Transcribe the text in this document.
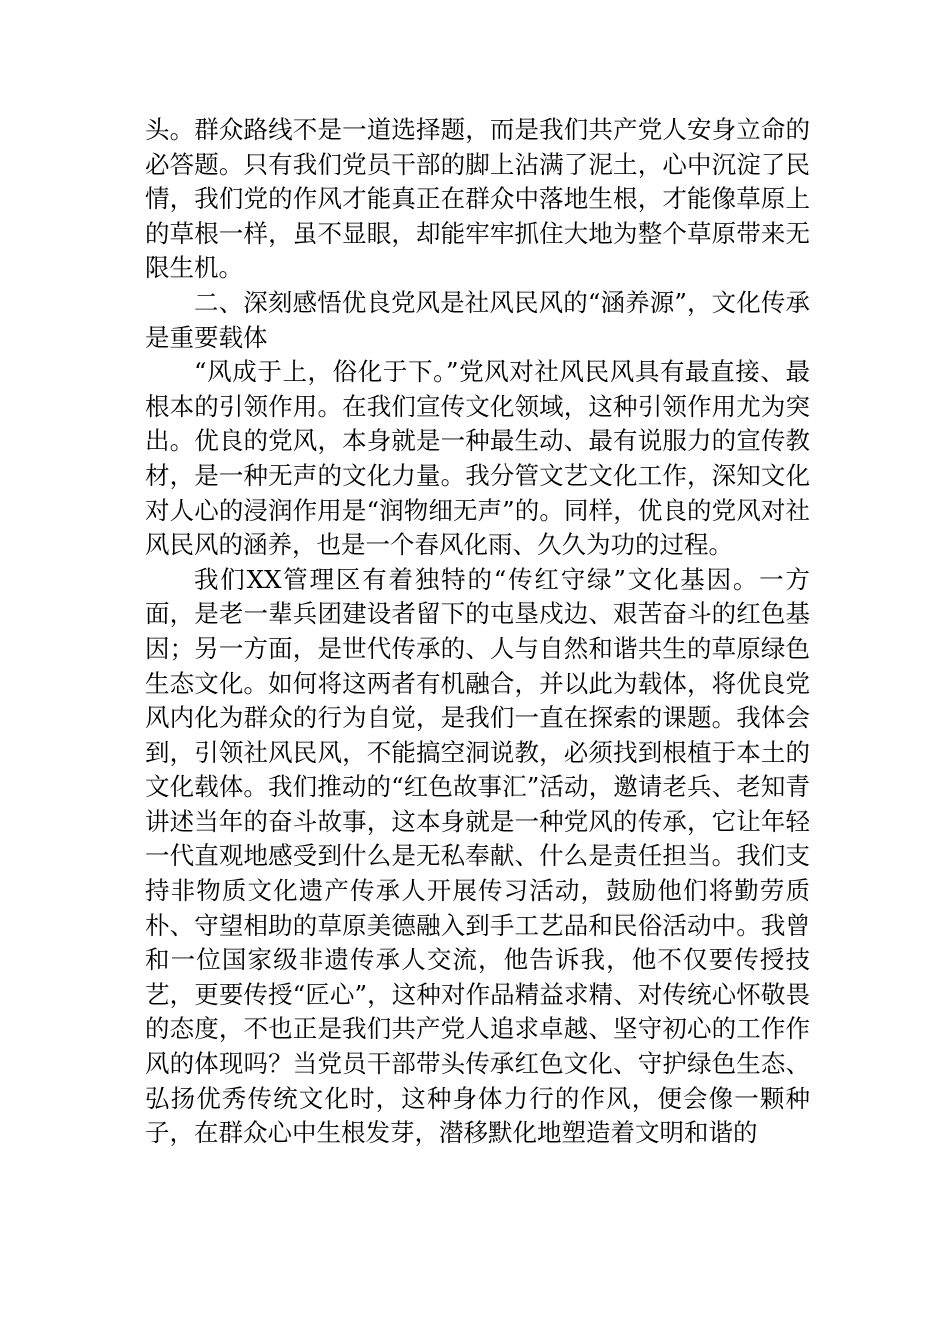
头。群众路线不是一道选择题，而是我们共产党人安身立命的必答题。只有我们党员干部的脚上沾满了泥土，心中沉淀了民情，我们党的作风才能真正在群众中落地生根，才能像草原上的草根一样，虽不显眼，却能牢牢抓住大地为整个草原带来无限生机。

二、深刻感悟优良党风是社风民风的“涵养源”，文化传承是重要载体

“风成于上，俗化于下。”党风对社风民风具有最直接、最根本的引领作用。在我们宣传文化领域，这种引领作用尤为突出。优良的党风，本身就是一种最生动、最有说服力的宣传教材，是一种无声的文化力量。我分管文艺文化工作，深知文化对人心的浸润作用是“润物细无声”的。同样，优良的党风对社风民风的涵养，也是一个春风化雨、久久为功的过程。

我们XX管理区有着独特的“传红守绿”文化基因。一方面，是老一辈兵团建设者留下的屯垦戍边、艰苦奋斗的红色基因；另一方面，是世代传承的、人与自然和谐共生的草原绿色生态文化。如何将这两者有机融合，并以此为载体，将优良党风内化为群众的行为自觉，是我们一直在探索的课题。我体会到，引领社风民风，不能搞空洞说教，必须找到根植于本土的文化载体。我们推动的“红色故事汇”活动，邀请老兵、老知青讲述当年的奋斗故事，这本身就是一种党风的传承，它让年轻一代直观地感受到什么是无私奉献、什么是责任担当。我们支持非物质文化遗产传承人开展传习活动，鼓励他们将勤劳质朴、守望相助的草原美德融入到手工艺品和民俗活动中。我曾和一位国家级非遗传承人交流，他告诉我，他不仅要传授技艺，更要传授“匠心”，这种对作品精益求精、对传统心怀敬畏的态度，不也正是我们共产党人追求卓越、坚守初心的工作作风的体现吗？当党员干部带头传承红色文化、守护绿色生态、弘扬优秀传统文化时，这种身体力行的作风，便会像一颗种子，在群众心中生根发芽，潜移默化地塑造着文明和谐的
